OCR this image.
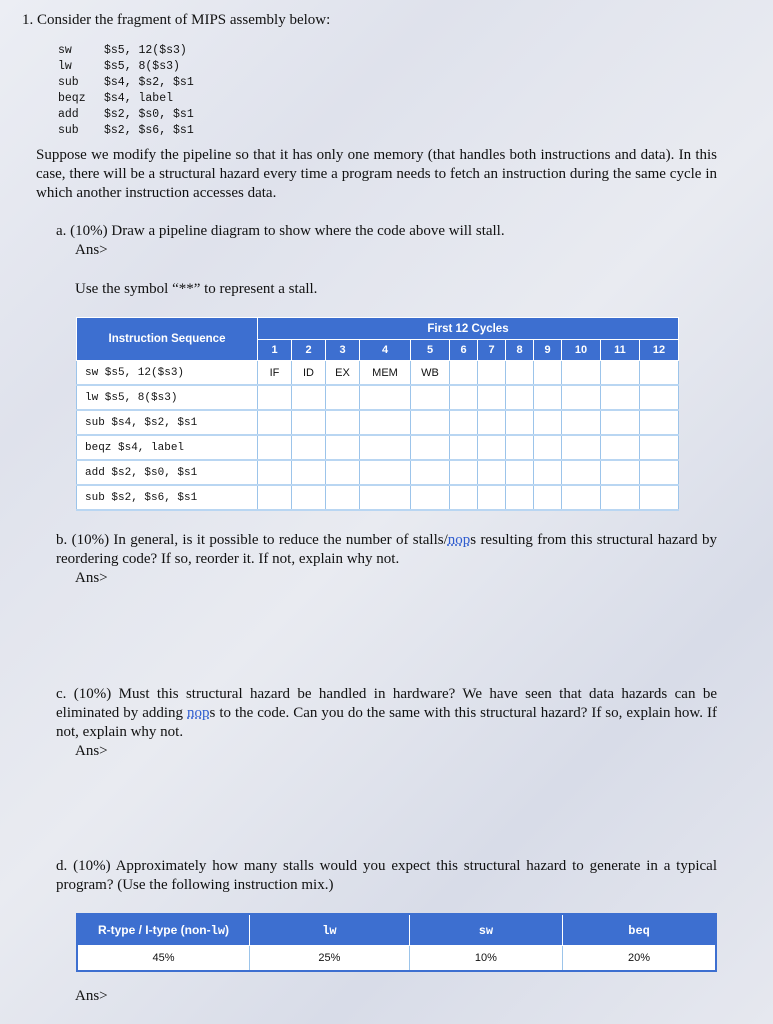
1. Consider the fragment of MIPS assembly below:
sw	$s5, 12($s3)
lw	$s5, 8($s3)
sub $s4, $s2, $s1
beqz $s4, label
add $s2, $s0, $s1
sub $s2, $s6, $s1
Suppose we modify the pipeline so that it has only one memory (that handles both instructions and data). In this case, there will be a structural hazard every time a program needs to fetch an instruction during the same cycle in which another instruction accesses data.
a. (10%) Draw a pipeline diagram to show where the code above will stall.
Ans>
Use the symbol “**” to represent a stall.
Instruction Sequence	First 12 Cycles											
	1	2	3	4	5	6	7	8	9	10	11	12
sw $s5, 12($s3)	IF	ID	EX	MEM	WB							
lw $s5, 8($s3)												
sub $s4, $s2, $s1												
beqz $s4, label												
add $s2, $s0, $s1												
sub $s2, $s6, $s1												
b. (10%) In general, is it possible to reduce the number of stalls/nops resulting from this structural hazard by reordering code? If so, reorder it. If not, explain why not.
Ans>
c. (10%) Must this structural hazard be handled in hardware? We have seen that data hazards can be eliminated by adding nops to the code. Can you do the same with this structural hazard? If so, explain how. If not, explain why not.
Ans>
d. (10%) Approximately how many stalls would you expect this structural hazard to generate in a typical program? (Use the following instruction mix.)
R-type / I-type (non-lw)	lw	sw	beq
45%	25%	10%	20%
Ans>
